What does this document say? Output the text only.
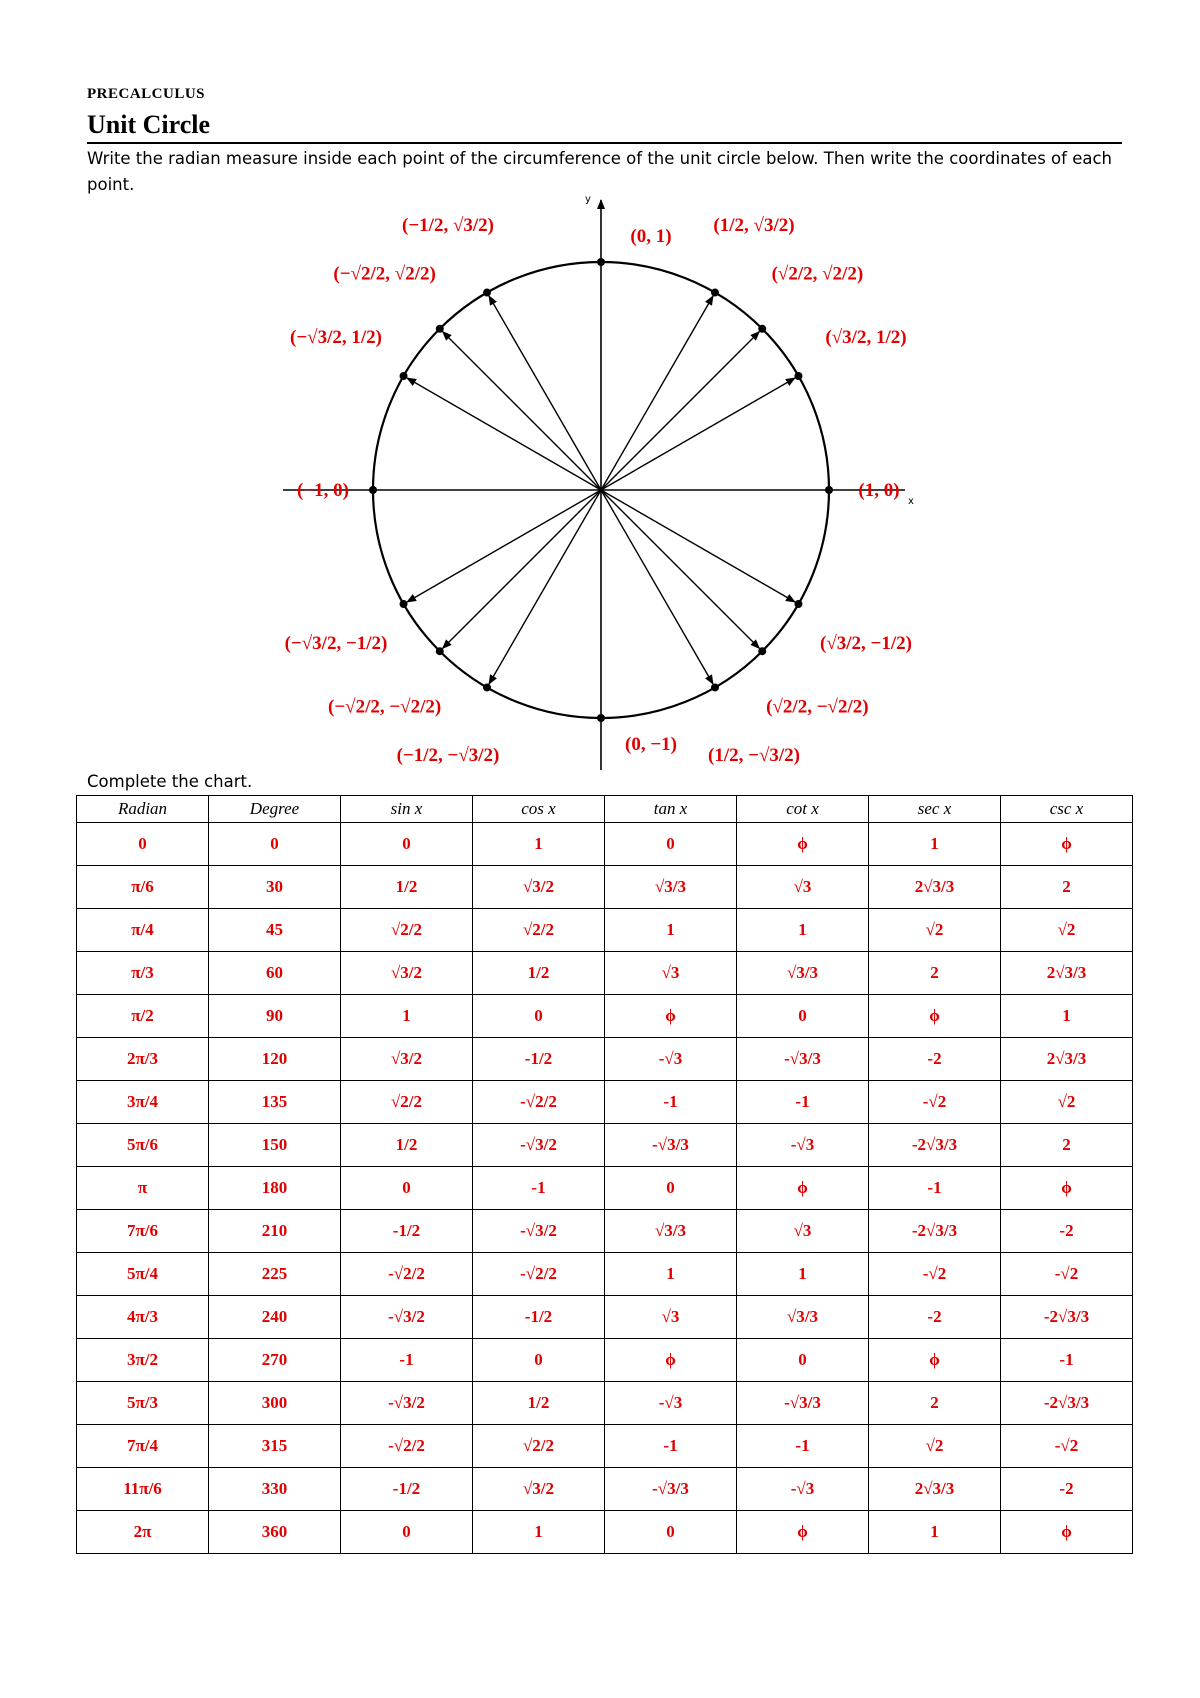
PRECALCULUS
Unit Circle
Write the radian measure inside each point of the circumference of the unit circle below. Then write the coordinates of each point.
x
y
(1, 0)
(√3/2, 1/2)
(√2/2, √2/2)
(1/2, √3/2)
(0, 1)
(−1/2, √3/2)
(−√2/2, √2/2)
(−√3/2, 1/2)
(−1, 0)
(−√3/2, −1/2)
(−√2/2, −√2/2)
(−1/2, −√3/2)
(0, −1)
(1/2, −√3/2)
(√2/2, −√2/2)
(√3/2, −1/2)
Complete the chart.
Radian	Degree	sin x	cos x	tan x	cot x	sec x	csc x
0	0	0	1	0	ϕ	1	ϕ
π/6	30	1/2	√3/2	√3/3	√3	2√3/3	2
π/4	45	√2/2	√2/2	1	1	√2	√2
π/3	60	√3/2	1/2	√3	√3/3	2	2√3/3
π/2	90	1	0	ϕ	0	ϕ	1
2π/3	120	√3/2	-1/2	-√3	-√3/3	-2	2√3/3
3π/4	135	√2/2	-√2/2	-1	-1	-√2	√2
5π/6	150	1/2	-√3/2	-√3/3	-√3	-2√3/3	2
π	180	0	-1	0	ϕ	-1	ϕ
7π/6	210	-1/2	-√3/2	√3/3	√3	-2√3/3	-2
5π/4	225	-√2/2	-√2/2	1	1	-√2	-√2
4π/3	240	-√3/2	-1/2	√3	√3/3	-2	-2√3/3
3π/2	270	-1	0	ϕ	0	ϕ	-1
5π/3	300	-√3/2	1/2	-√3	-√3/3	2	-2√3/3
7π/4	315	-√2/2	√2/2	-1	-1	√2	-√2
11π/6	330	-1/2	√3/2	-√3/3	-√3	2√3/3	-2
2π	360	0	1	0	ϕ	1	ϕ
